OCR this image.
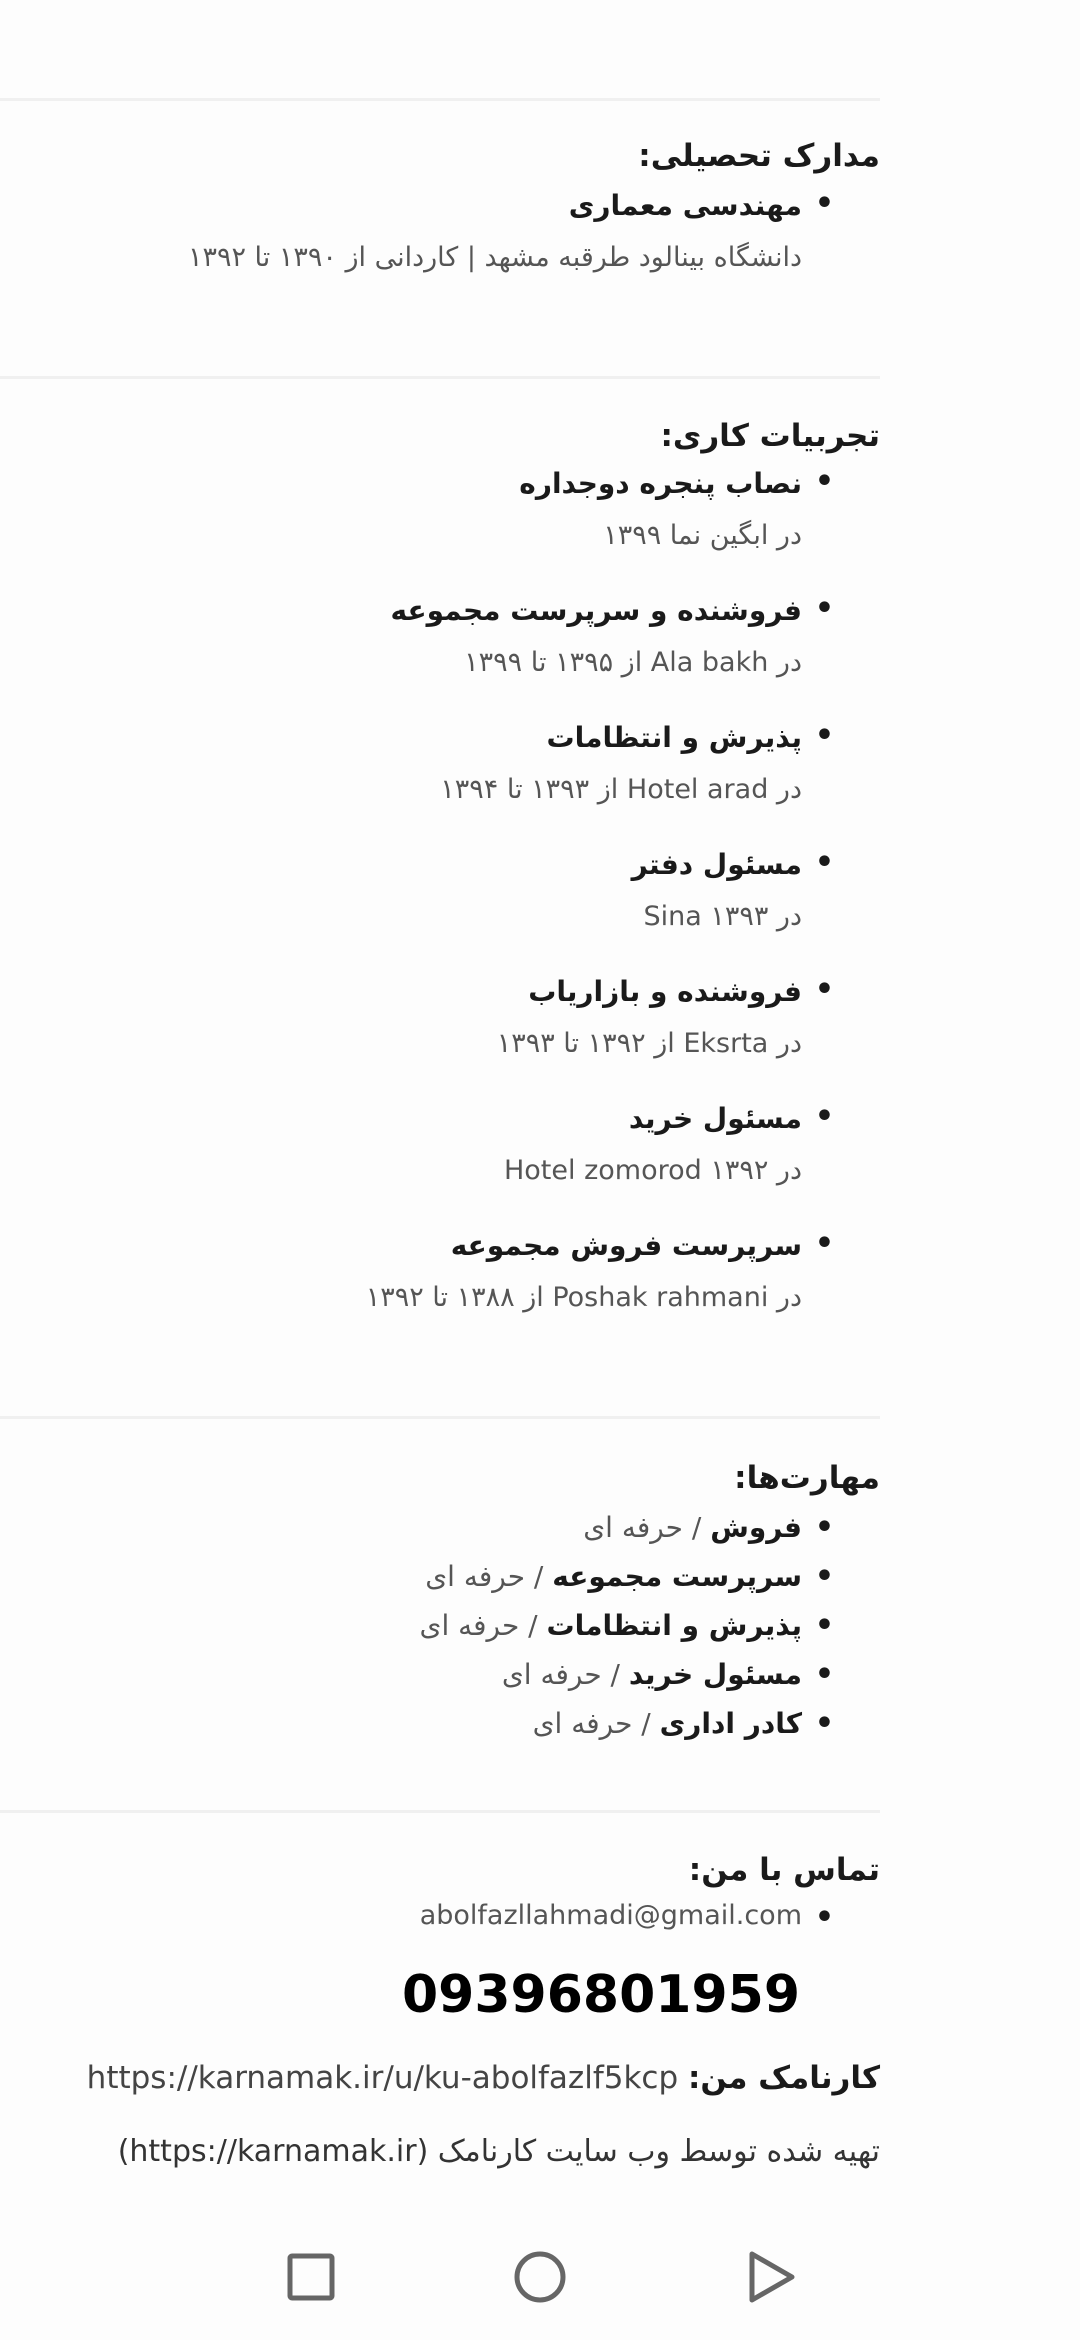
مدارک تحصیلی:
•
مهندسی معماری
دانشگاه بینالود طرقبه مشهد | کاردانی از ۱۳۹۰ تا ۱۳۹۲
تجربیات کاری:
•
نصاب پنجره دوجداره
در ابگین نما ۱۳۹۹
•
فروشنده و سرپرست مجموعه
در Ala bakh از ۱۳۹۵ تا ۱۳۹۹
•
پذیرش و انتظامات
در Hotel arad از ۱۳۹۳ تا ۱۳۹۴
•
مسئول دفتر
در Sina ۱۳۹۳
•
فروشنده و بازاریاب
در Eksrta از ۱۳۹۲ تا ۱۳۹۳
•
مسئول خرید
در Hotel zomorod ۱۳۹۲
•
سرپرست فروش مجموعه
در Poshak rahmani از ۱۳۸۸ تا ۱۳۹۲
مهارت‌ها:
•
فروش / حرفه ای
•
سرپرست مجموعه / حرفه ای
•
پذیرش و انتظامات / حرفه ای
•
مسئول خرید / حرفه ای
•
کادر اداری / حرفه ای
تماس با من:
•
abolfazllahmadi@gmail.com
09396801959
کارنامک من: https://karnamak.ir/u/ku-abolfazlf5kcp
تهیه شده توسط وب سایت کارنامک (https://karnamak.ir)
